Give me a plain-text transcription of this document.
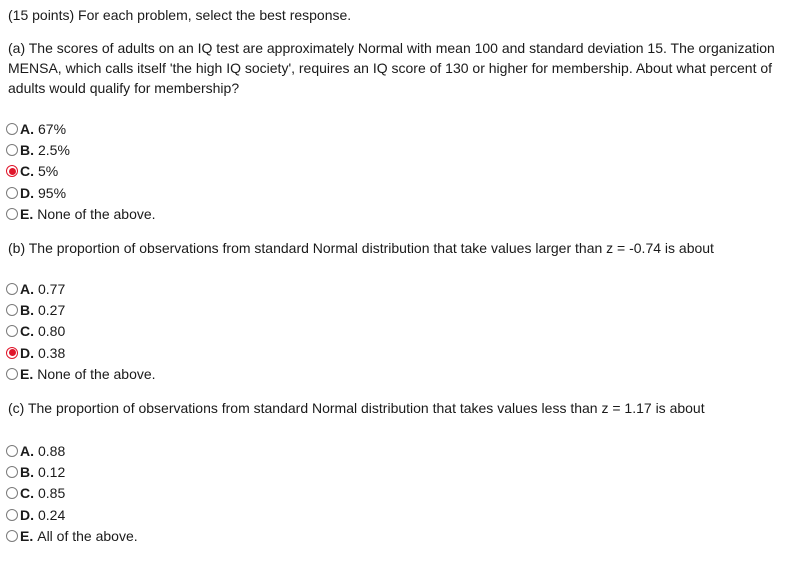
(15 points) For each problem, select the best response.
(a) The scores of adults on an IQ test are approximately Normal with mean 100 and standard deviation 15. The organization MENSA, which calls itself 'the high IQ society', requires an IQ score of 130 or higher for membership. About what percent of adults would qualify for membership?
A. 67%
B. 2.5%
C. 5%
D. 95%
E. None of the above.
(b) The proportion of observations from standard Normal distribution that take values larger than z = -0.74 is about
A. 0.77
B. 0.27
C. 0.80
D. 0.38
E. None of the above.
(c) The proportion of observations from standard Normal distribution that takes values less than z = 1.17 is about
A. 0.88
B. 0.12
C. 0.85
D. 0.24
E. All of the above.
